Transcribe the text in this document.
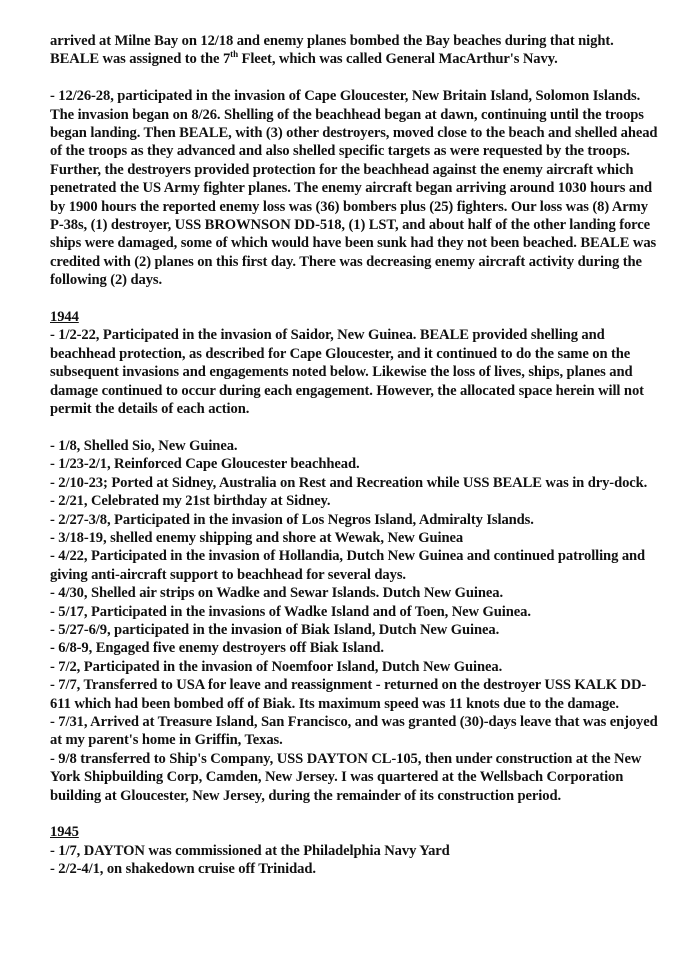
arrived at Milne Bay on 12/18 and enemy planes bombed the Bay beaches during that night. BEALE was assigned to the 7th Fleet, which was called General MacArthur's Navy.

- 12/26-28, participated in the invasion of Cape Gloucester, New Britain Island, Solomon Islands. The invasion began on 8/26. Shelling of the beachhead began at dawn, continuing until the troops began landing. Then BEALE, with (3) other destroyers, moved close to the beach and shelled ahead of the troops as they advanced and also shelled specific targets as were requested by the troops. Further, the destroyers provided protection for the beachhead against the enemy aircraft which penetrated the US Army fighter planes. The enemy aircraft began arriving around 1030 hours and by 1900 hours the reported enemy loss was (36) bombers plus (25) fighters. Our loss was (8) Army P-38s, (1) destroyer, USS BROWNSON DD-518, (1) LST, and about half of the other landing force ships were damaged, some of which would have been sunk had they not been beached. BEALE was credited with (2) planes on this first day. There was decreasing enemy aircraft activity during the following (2) days.

1944

- 1/2-22, Participated in the invasion of Saidor, New Guinea. BEALE provided shelling and beachhead protection, as described for Cape Gloucester, and it continued to do the same on the subsequent invasions and engagements noted below. Likewise the loss of lives, ships, planes and damage continued to occur during each engagement. However, the allocated space herein will not permit the details of each action.

- 1/8, Shelled Sio, New Guinea.
- 1/23-2/1, Reinforced Cape Gloucester beachhead.
- 2/10-23; Ported at Sidney, Australia on Rest and Recreation while USS BEALE was in dry-dock.
- 2/21, Celebrated my 21st birthday at Sidney.
- 2/27-3/8, Participated in the invasion of Los Negros Island, Admiralty Islands.
- 3/18-19, shelled enemy shipping and shore at Wewak, New Guinea
- 4/22, Participated in the invasion of Hollandia, Dutch New Guinea and continued patrolling and giving anti-aircraft support to beachhead for several days.
- 4/30, Shelled air strips on Wadke and Sewar Islands. Dutch New Guinea.
- 5/17, Participated in the invasions of Wadke Island and of Toen, New Guinea.
- 5/27-6/9, participated in the invasion of Biak Island, Dutch New Guinea.
- 6/8-9, Engaged five enemy destroyers off Biak Island.
- 7/2, Participated in the invasion of Noemfoor Island, Dutch New Guinea.
- 7/7, Transferred to USA for leave and reassignment - returned on the destroyer USS KALK DD-611 which had been bombed off of Biak. Its maximum speed was 11 knots due to the damage.
- 7/31, Arrived at Treasure Island, San Francisco, and was granted (30)-days leave that was enjoyed at my parent's home in Griffin, Texas.
- 9/8 transferred to Ship's Company, USS DAYTON CL-105, then under construction at the New York Shipbuilding Corp, Camden, New Jersey. I was quartered at the Wellsbach Corporation building at Gloucester, New Jersey, during the remainder of its construction period.
1945
- 1/7, DAYTON was commissioned at the Philadelphia Navy Yard
- 2/2-4/1, on shakedown cruise off Trinidad.
